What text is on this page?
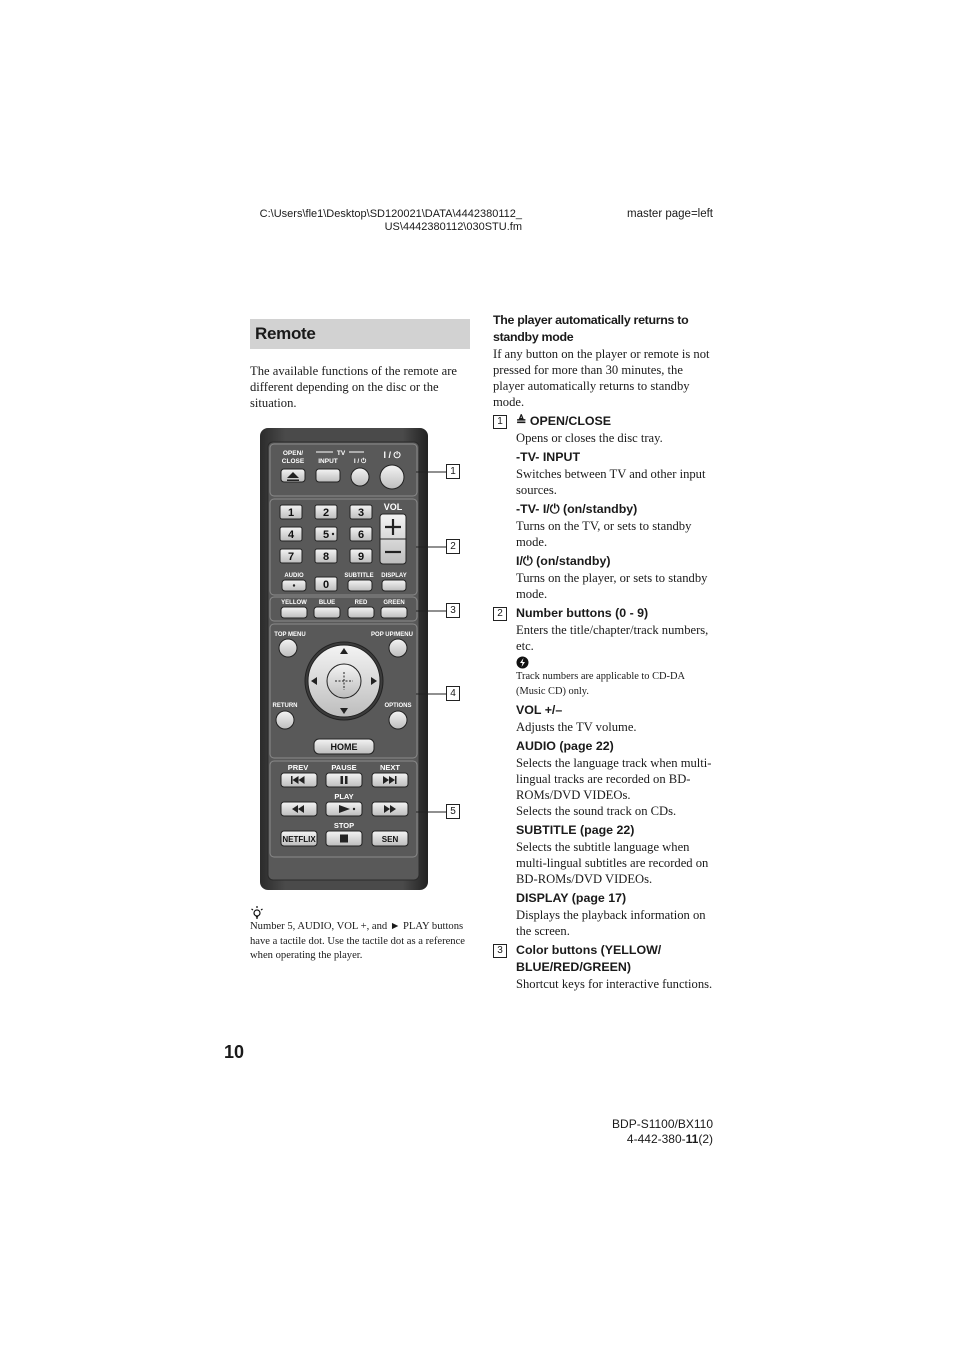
C:\Users\fle1\Desktop\SD120021\DATA\4442380112_
US\4442380112\030STU.fm
master page=left
Remote
The available functions of the remote are different depending on the disc or the situation.
TV
OPEN/
CLOSE INPUT I / ⏻
I / ⏻
1	2	3
4	5	6
7	8	9
0
VOL
AUDIO	SUBTITLE DISPLAY
YELLOW BLUE	RED	GREEN
TOP MENU	POP UP/MENU
RETURN	OPTIONS
HOME
PREV	PAUSE	NEXT
PLAY
STOP
NETFLIX	SEN
1
2
3
4
5
Number 5, AUDIO, VOL +, and ► PLAY buttons have a tactile dot. Use the tactile dot as a reference when operating the player.
The player automatically returns to
standby mode
If any button on the player or remote is not pressed for more than 30 minutes, the player automatically returns to standby mode.
1	≜ OPEN/CLOSE
Opens or closes the disc tray.
-TV- INPUT
Switches between TV and other input sources.
-TV- I/⏻ (on/standby)
Turns on the TV, or sets to standby mode.
I/⏻ (on/standby)
Turns on the player, or sets to standby mode.
2	Number buttons (0 - 9)
Enters the title/chapter/track numbers, etc.
Track numbers are applicable to CD-DA (Music CD) only.
VOL +/–
Adjusts the TV volume.
AUDIO (page 22)
Selects the language track when multi-lingual tracks are recorded on BD-ROMs/DVD VIDEOs.
Selects the sound track on CDs.
SUBTITLE (page 22)
Selects the subtitle language when multi-lingual subtitles are recorded on BD-ROMs/DVD VIDEOs.
DISPLAY (page 17)
Displays the playback information on the screen.
3	Color buttons (YELLOW/
BLUE/RED/GREEN)
Shortcut keys for interactive functions.
10
BDP-S1100/BX110
4-442-380-11(2)
